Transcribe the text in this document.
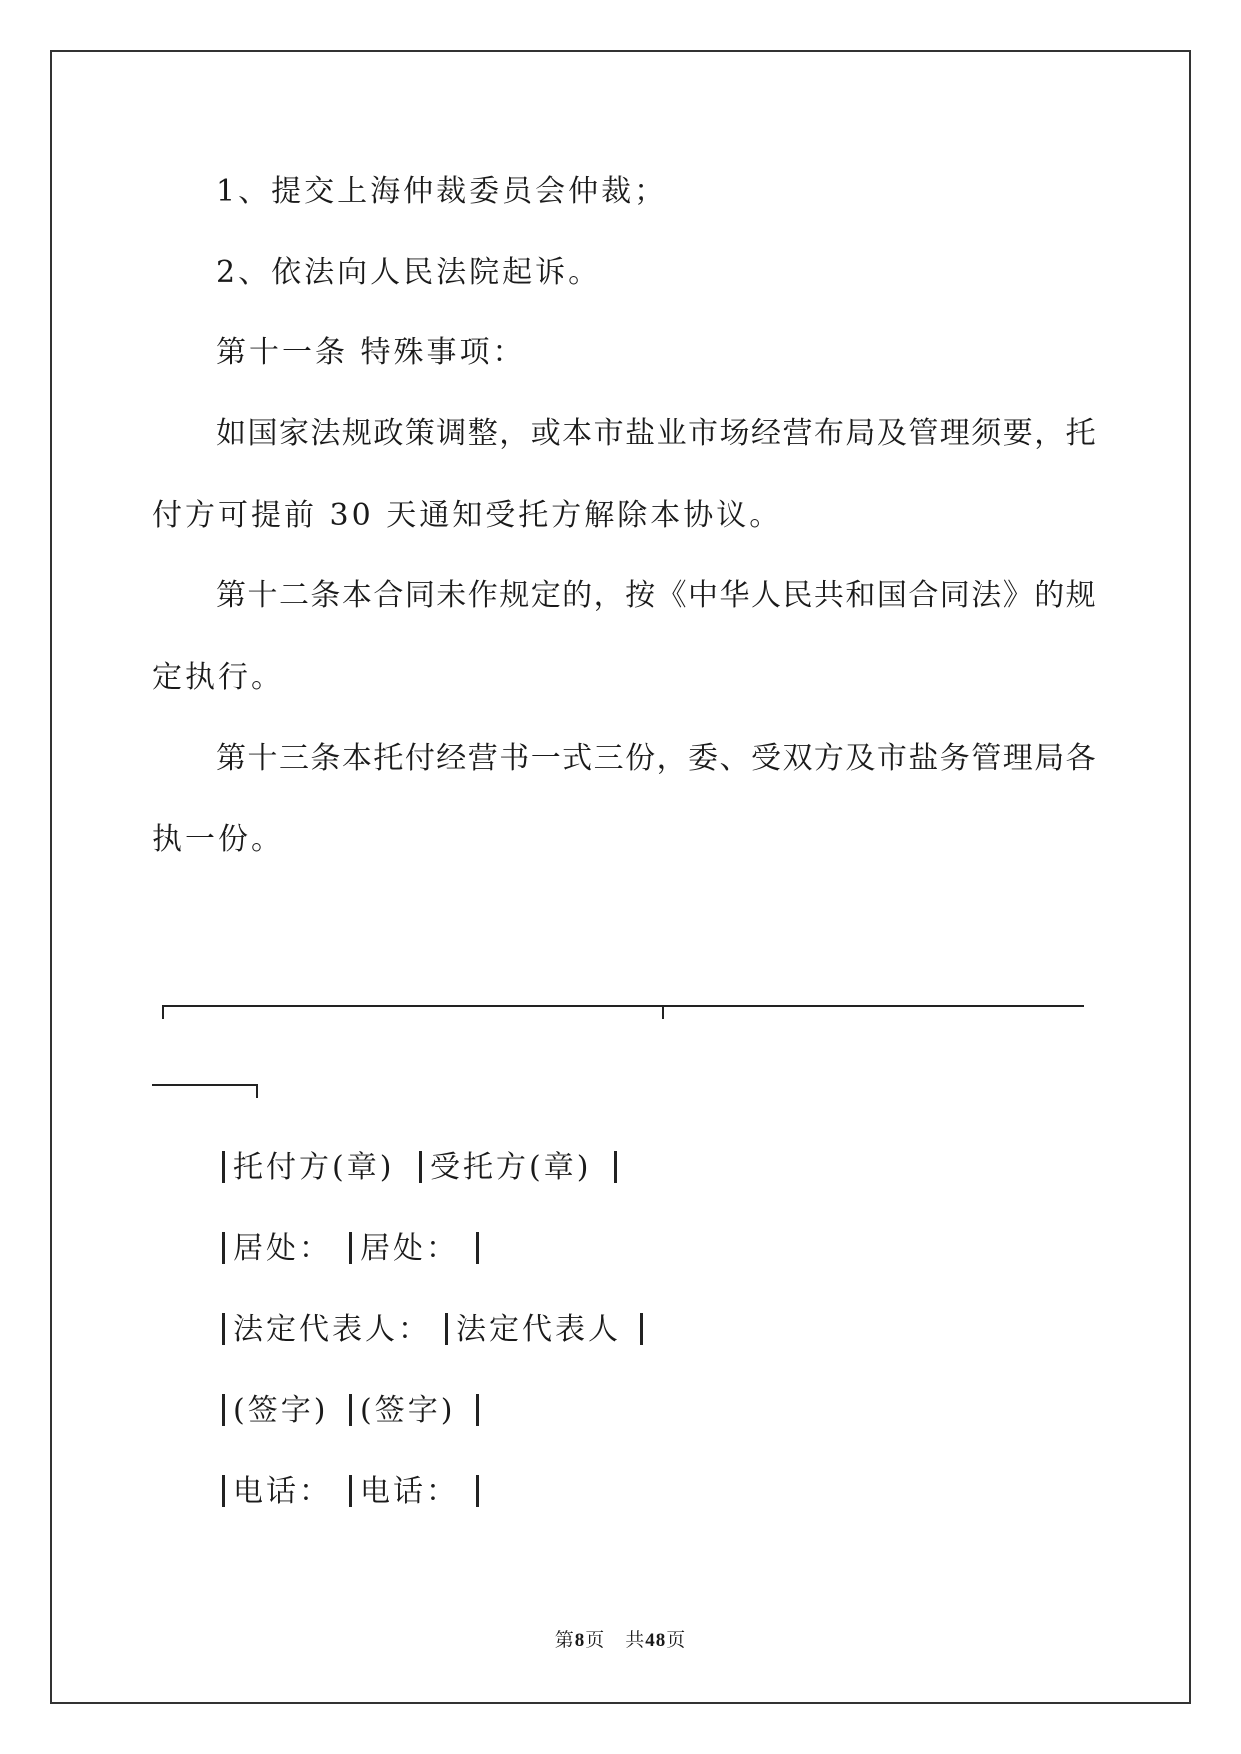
1、提交上海仲裁委员会仲裁；
2、依法向人民法院起诉。
第十一条 特殊事项：
如 国 家 法 规 政 策 调 整 ， 或 本 市 盐 业 市 场 经 营 布 局 及 管 理 须 要 ， 托
付方可提前 30 天通知受托方解除本协议。
第 十 二 条 本 合 同 未 作 规 定 的 ， 按 《 中 华 人 民 共 和 国 合 同 法 》 的 规
定执行。
第 十 三 条 本 托 付 经 营 书 一 式 三 份 ， 委 、 受 双 方 及 市 盐 务 管 理 局 各
执一份。
托付方(章) 受托方(章)
居处： 居处：
法定代表人： 法定代表人
(签字) (签字)
电话： 电话：
第8页　共48页
